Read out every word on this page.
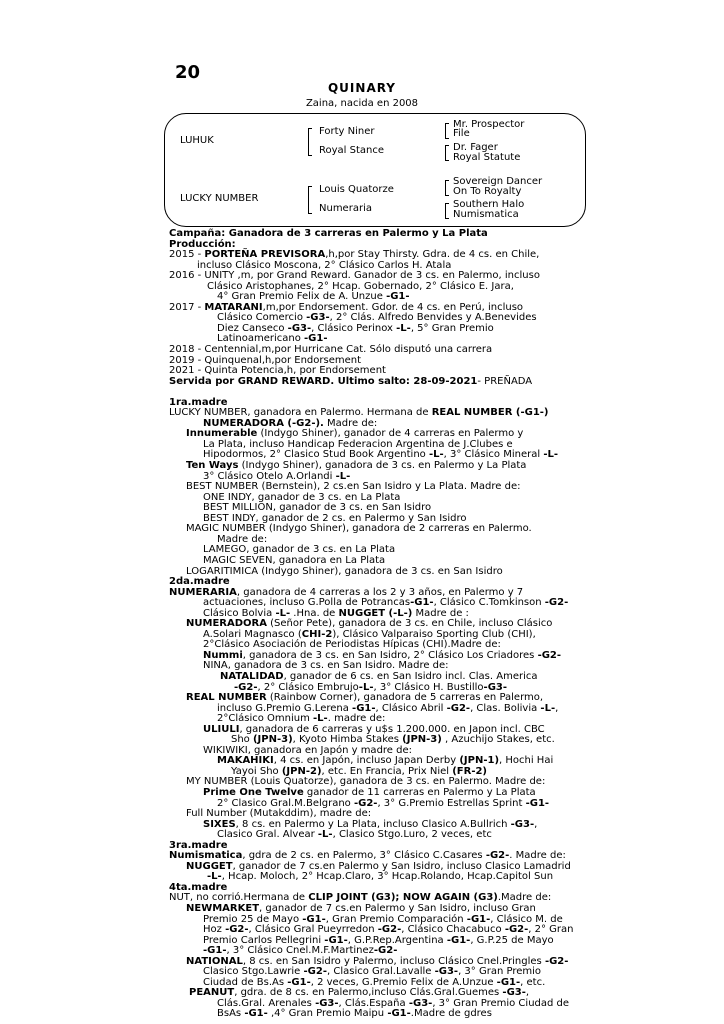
20
QUINARY
Zaina, nacida en 2008
LUHUK
LUCKY NUMBER
Forty Niner
Royal Stance
Louis Quatorze
Numeraria
Mr. Prospector
File
Dr. Fager
Royal Statute
Sovereign Dancer
On To Royalty
Southern Halo
Numismatica
Campaña: Ganadora de 3 carreras en Palermo y La Plata
Producción:
2015 - PORTEÑA PREVISORA,h,por Stay Thirsty. Gdra. de 4 cs. en Chile,
incluso Clásico Moscona, 2° Clásico Carlos H. Atala
2016 - UNITY ,m, por Grand Reward. Ganador de 3 cs. en Palermo, incluso
Clásico Aristophanes, 2° Hcap. Gobernado, 2° Clásico E. Jara,
4° Gran Premio Felix de A. Unzue -G1-
2017 - MATARANI,m,por Endorsement. Gdor. de 4 cs. en Perú, incluso
Clásico Comercio -G3-, 2° Clás. Alfredo Benvides y A.Benevides
Diez Canseco -G3-, Clásico Perinox -L-, 5° Gran Premio
Latinoamericano -G1-
2018 - Centennial,m,por Hurricane Cat. Sólo disputó una carrera
2019 - Quinquenal,h,por Endorsement
2021 - Quinta Potencia,h, por Endorsement
Servida por GRAND REWARD. Ultimo salto: 28-09-2021- PREÑADA
1ra.madre
LUCKY NUMBER, ganadora en Palermo. Hermana de REAL NUMBER (-G1-)
NUMERADORA (-G2-). Madre de:
Innumerable (Indygo Shiner), ganador de 4 carreras en Palermo y
La Plata, incluso Handicap Federacion Argentina de J.Clubes e
Hipodormos, 2° Clasico Stud Book Argentino -L-, 3° Clásico Mineral -L-
Ten Ways (Indygo Shiner), ganadora de 3 cs. en Palermo y La Plata
3° Clásico Otelo A.Orlandi -L-
BEST NUMBER (Bernstein), 2 cs.en San Isidro y La Plata. Madre de:
ONE INDY, ganador de 3 cs. en La Plata
BEST MILLION, ganador de 3 cs. en San Isidro
BEST INDY, ganador de 2 cs. en Palermo y San Isidro
MAGIC NUMBER (Indygo Shiner), ganadora de 2 carreras en Palermo.
Madre de:
LAMEGO, ganador de 3 cs. en La Plata
MAGIC SEVEN, ganadora en La Plata
LOGARITIMICA (Indygo Shiner), ganadora de 3 cs. en San Isidro
2da.madre
NUMERARIA, ganadora de 4 carreras a los 2 y 3 años, en Palermo y 7
actuaciones, incluso G.Polla de Potrancas-G1-, Clásico C.Tomkinson -G2-
Clásico Bolvia -L- .Hna. de NUGGET (-L-) Madre de :
NUMERADORA (Señor Pete), ganadora de 3 cs. en Chile, incluso Clásico
A.Solari Magnasco (CHI-2), Clásico Valparaiso Sporting Club (CHI),
2°Clásico Asociación de Periodistas Hípicas (CHI).Madre de:
Nummi, ganadora de 3 cs. en San Isidro, 2° Clásico Los Criadores -G2-
NINA, ganadora de 3 cs. en San Isidro. Madre de:
NATALIDAD, ganador de 6 cs. en San Isidro incl. Clas. America
-G2-, 2° Clásico Embrujo-L-, 3° Clásico H. Bustillo-G3-
REAL NUMBER (Rainbow Corner), ganadora de 5 carreras en Palermo,
incluso G.Premio G.Lerena -G1-, Clásico Abril -G2-, Clas. Bolivia -L-,
2°Clásico Omnium -L-. madre de:
ULIULI, ganadora de 6 carreras y u$s 1.200.000. en Japon incl. CBC
Sho (JPN-3), Kyoto Himba Stakes (JPN-3) , Azuchijo Stakes, etc.
WIKIWIKI, ganadora en Japón y madre de:
MAKAHIKI, 4 cs. en Japón, incluso Japan Derby (JPN-1), Hochi Hai
Yayoi Sho (JPN-2), etc. En Francia, Prix Niel (FR-2)
MY NUMBER (Louis Quatorze), ganadora de 3 cs. en Palermo. Madre de:
Prime One Twelve ganador de 11 carreras en Palermo y La Plata
2° Clasico Gral.M.Belgrano -G2-, 3° G.Premio Estrellas Sprint -G1-
Full Number (Mutakddim), madre de:
SIXES, 8 cs. en Palermo y La Plata, incluso Clasico A.Bullrich -G3-,
Clasico Gral. Alvear -L-, Clasico Stgo.Luro, 2 veces, etc
3ra.madre
Numismatica, gdra de 2 cs. en Palermo, 3° Clásico C.Casares -G2-. Madre de:
NUGGET, ganador de 7 cs.en Palermo y San Isidro, incluso Clasico Lamadrid
-L-, Hcap. Moloch, 2° Hcap.Claro, 3° Hcap.Rolando, Hcap.Capitol Sun
4ta.madre
NUT, no corrió.Hermana de CLIP JOINT (G3); NOW AGAIN (G3).Madre de:
NEWMARKET, ganador de 7 cs.en Palermo y San Isidro, incluso Gran
Premio 25 de Mayo -G1-, Gran Premio Comparación -G1-, Clásico M. de
Hoz -G2-, Clásico Gral Pueyrredon -G2-, Clásico Chacabuco -G2-, 2° Gran
Premio Carlos Pellegrini -G1-, G.P.Rep.Argentina -G1-, G.P.25 de Mayo
-G1-, 3° Clásico Cnel.M.F.Martinez-G2-
NATIONAL, 8 cs. en San Isidro y Palermo, incluso Clásico Cnel.Pringles -G2-
Clasico Stgo.Lawrie -G2-, Clasico Gral.Lavalle -G3-, 3° Gran Premio
Ciudad de Bs.As -G1-, 2 veces, G.Premio Felix de A.Unzue -G1-, etc.
PEANUT, gdra. de 8 cs. en Palermo,incluso Clás.Gral.Guemes -G3-,
Clás.Gral. Arenales -G3-, Clás.España -G3-, 3° Gran Premio Ciudad de
BsAs -G1- ,4° Gran Premio Maipu -G1-.Madre de gdres
